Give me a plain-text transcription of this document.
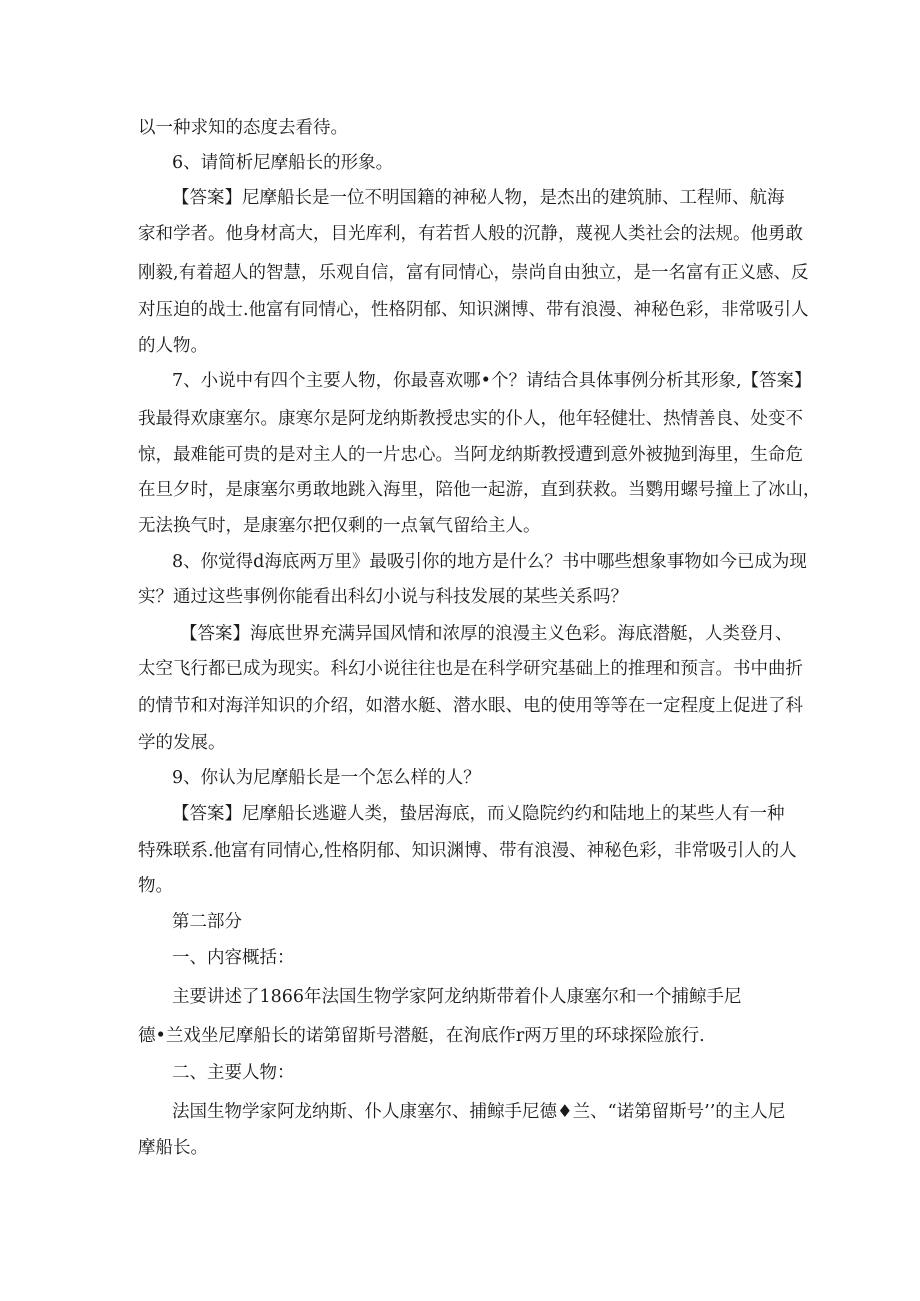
以一种求知的态度去看待。
6、请简析尼摩船长的形象。
【答案】尼摩船长是一位不明国籍的神秘人物，是杰出的建筑肺、工程师、航海
家和学者。他身材高大，目光库利，有若哲人般的沉静，蔑视人类社会的法规。他勇敢
刚毅,有着超人的智慧，乐观自信，富有同情心，崇尚自由独立，是一名富有正义感、反
对压迫的战士.他富有同情心，性格阴郁、知识渊博、带有浪漫、神秘色彩，非常吸引人
的人物。
7、小说中有四个主要人物，你最喜欢哪•个？请结合具体事例分析其形象,【答案】
我最得欢康塞尔。康寒尔是阿龙纳斯教授忠实的仆人，他年轻健壮、热情善良、处变不
惊，最难能可贵的是对主人的一片忠心。当阿龙纳斯教授遭到意外被抛到海里，生命危
在旦夕时，是康塞尔勇敢地跳入海里，陪他一起游，直到获救。当鹦用螺号撞上了冰山，
无法换气时，是康塞尔把仅剩的一点氧气留给主人。
8、你觉得d海底两万里》最吸引你的地方是什么？书中哪些想象事物如今已成为现
实？通过这些事例你能看出科幻小说与科技发展的某些关系吗？
【答案】海底世界充满异国风情和浓厚的浪漫主义色彩。海底潜艇，人类登月、
太空飞行都已成为现实。科幻小说往往也是在科学研究基础上的推理和预言。书中曲折
的情节和对海洋知识的介绍，如潜水艇、潜水眼、电的使用等等在一定程度上促进了科
学的发展。
9、你认为尼摩船长是一个怎么样的人？
【答案】尼摩船长逃避人类，蛰居海底，而乂隐院约约和陆地上的某些人有一种
特殊联系.他富有同情心,性格阴郁、知识渊博、带有浪漫、神秘色彩，非常吸引人的人
物。
第二部分
一、内容概括：
主要讲述了1866年法国生物学家阿龙纳斯带着仆人康塞尔和一个捕鲸手尼
德•兰戏坐尼摩船长的诺第留斯号潜艇，在洵底作r两万里的环球探险旅行.
二、主要人物：
法国生物学家阿龙纳斯、仆人康塞尔、捕鲸手尼德♦兰、“诺第留斯号’’的主人尼
摩船长。
